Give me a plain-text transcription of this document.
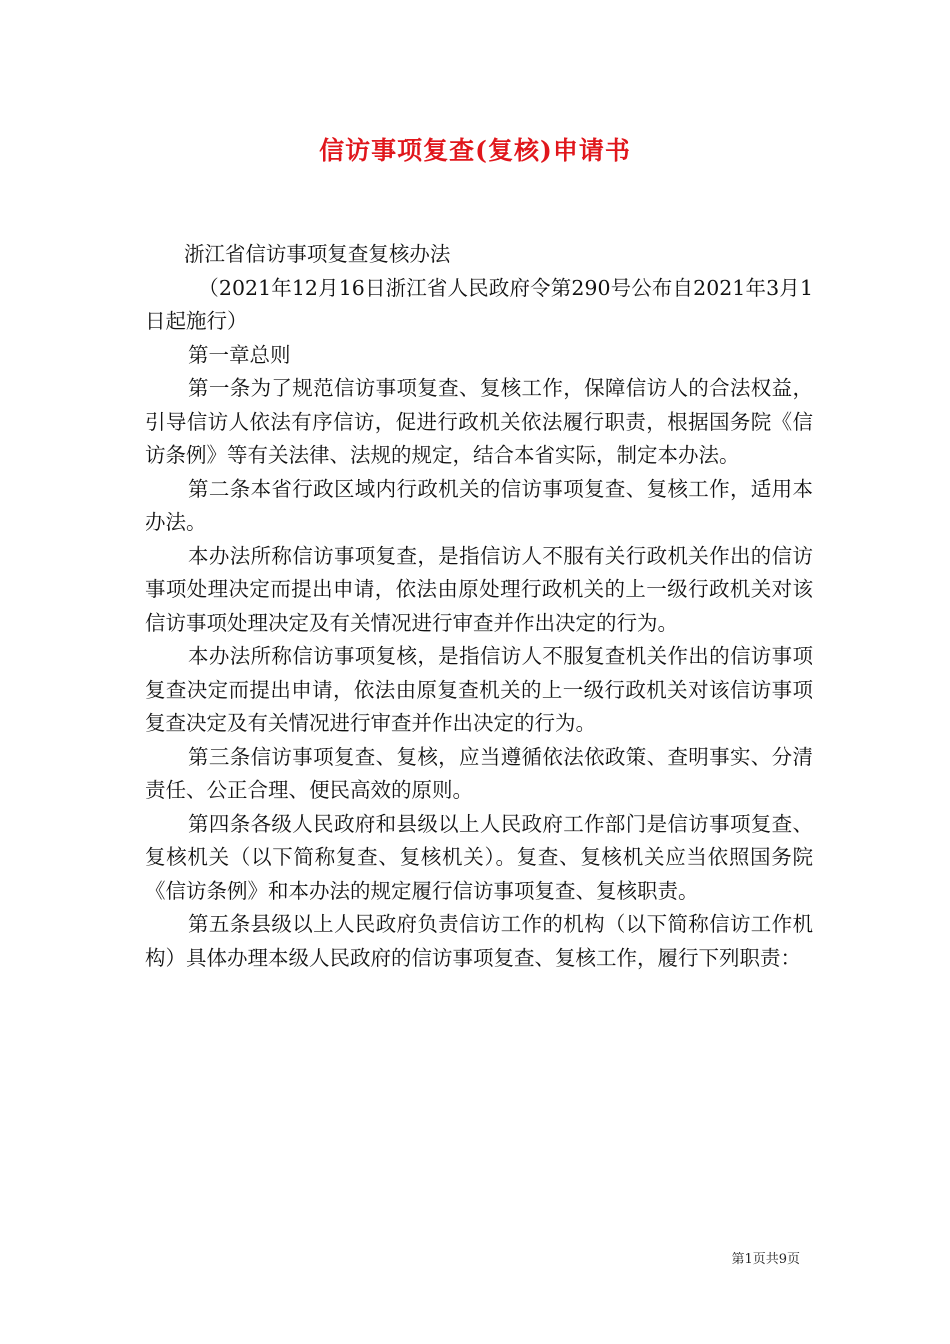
信访事项复查(复核)申请书

浙江省信访事项复查复核办法

（2021年12月16日浙江省人民政府令第290号公布自2021年3月1日起施行）

第一章总则

第一条为了规范信访事项复查、复核工作，保障信访人的合法权益，引导信访人依法有序信访，促进行政机关依法履行职责，根据国务院《信访条例》等有关法律、法规的规定，结合本省实际，制定本办法。

第二条本省行政区域内行政机关的信访事项复查、复核工作，适用本办法。

本办法所称信访事项复查，是指信访人不服有关行政机关作出的信访事项处理决定而提出申请，依法由原处理行政机关的上一级行政机关对该信访事项处理决定及有关情况进行审查并作出决定的行为。

本办法所称信访事项复核，是指信访人不服复查机关作出的信访事项复查决定而提出申请，依法由原复查机关的上一级行政机关对该信访事项复查决定及有关情况进行审查并作出决定的行为。

第三条信访事项复查、复核，应当遵循依法依政策、查明事实、分清责任、公正合理、便民高效的原则。

第四条各级人民政府和县级以上人民政府工作部门是信访事项复查、复核机关（以下简称复查、复核机关）。复查、复核机关应当依照国务院《信访条例》和本办法的规定履行信访事项复查、复核职责。

第五条县级以上人民政府负责信访工作的机构（以下简称信访工作机构）具体办理本级人民政府的信访事项复查、复核工作，履行下列职责：

第1页共9页
